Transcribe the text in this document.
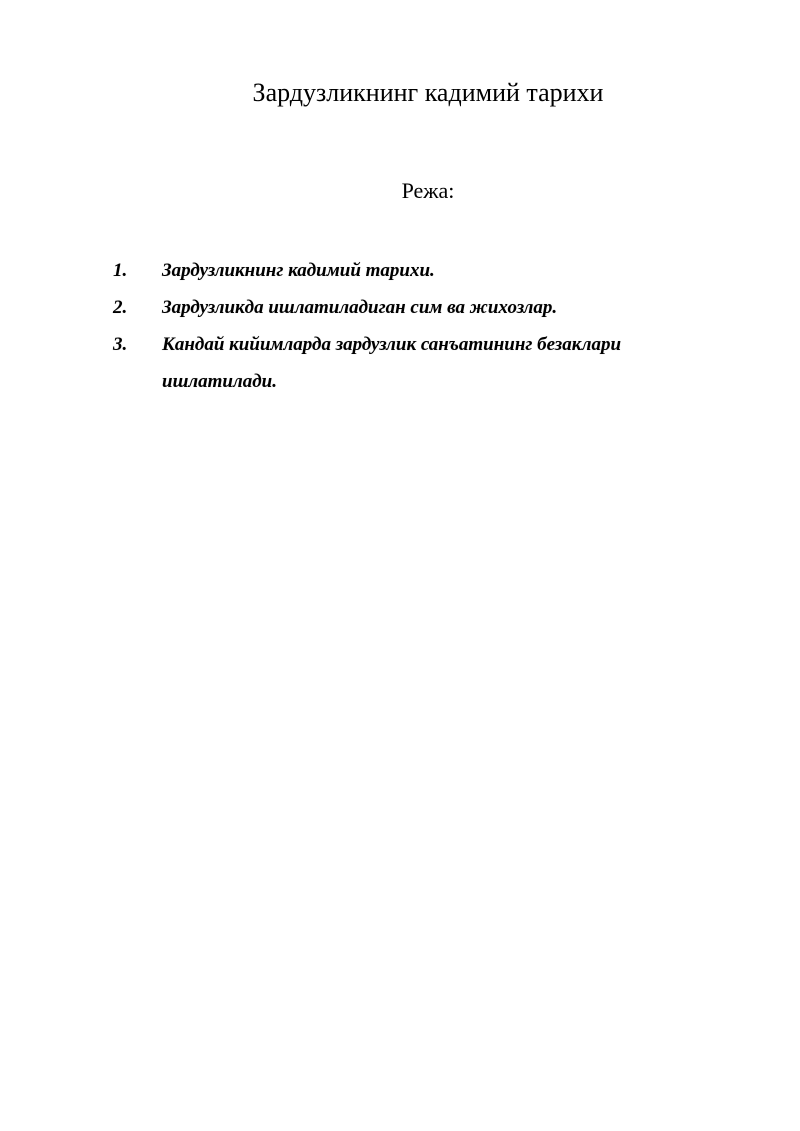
Зардузликнинг кадимий тарихи

Режа:

1.	Зардузликнинг кадимий тарихи.
2.	Зардузликда ишлатиладиган сим ва жихозлар.
3.	Кандай кийимларда зардузлик санъатининг безаклари ишлатилади.
